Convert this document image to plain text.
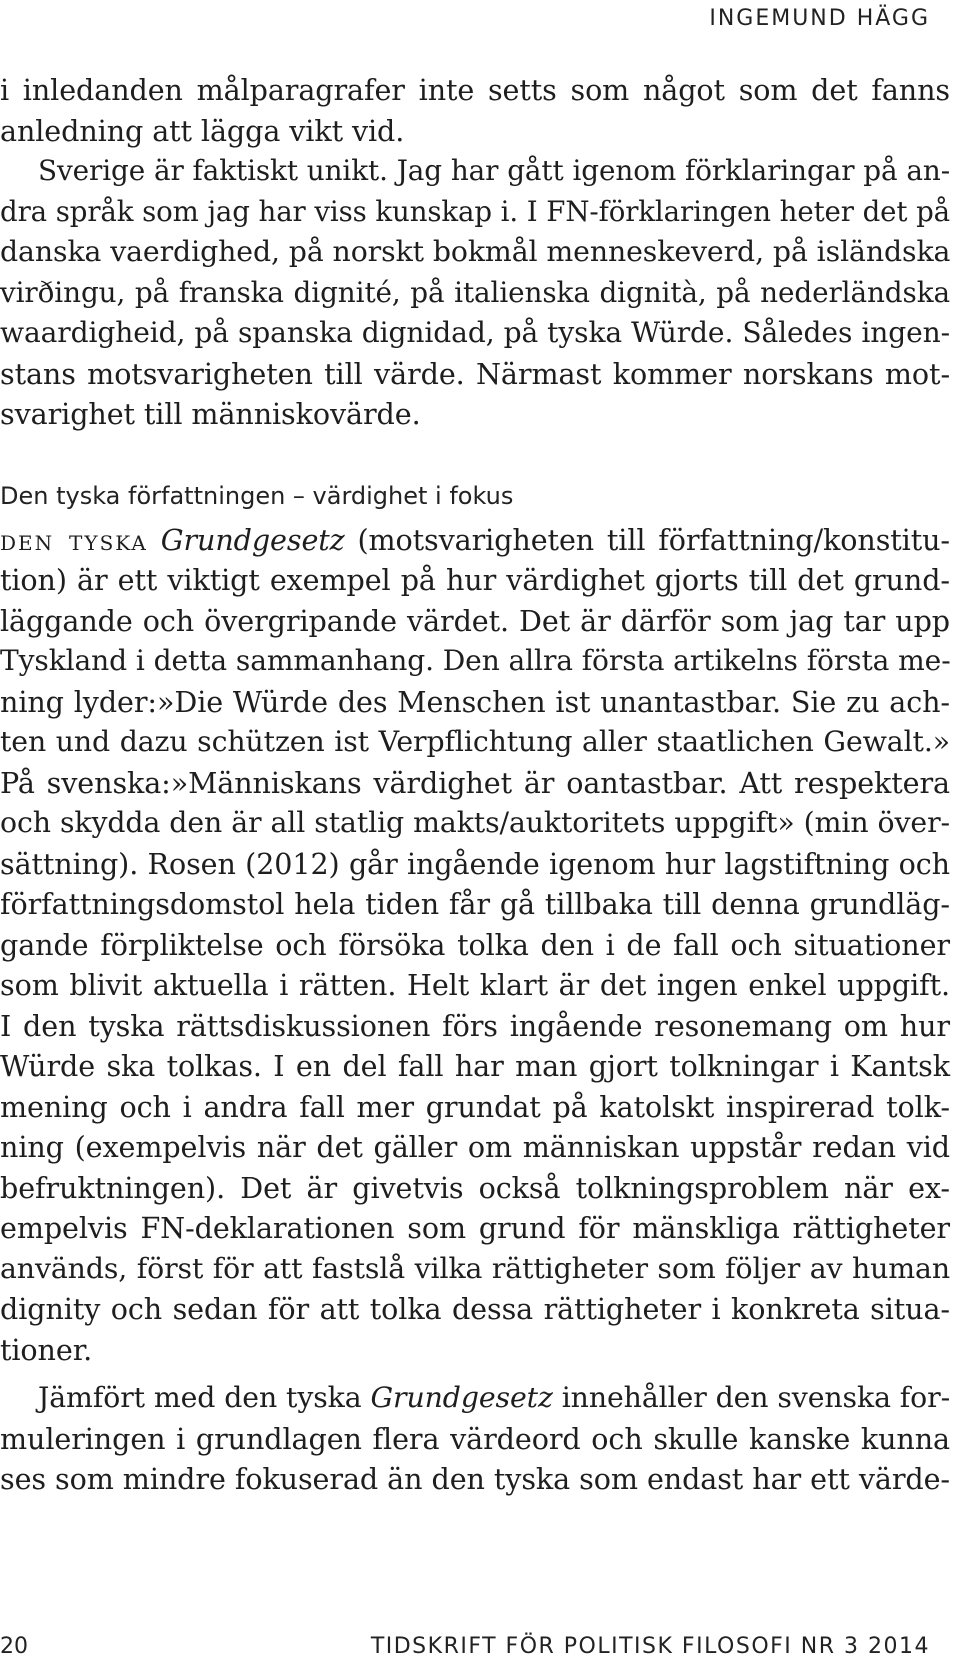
INGEMUND HÄGG
i inledanden målparagrafer inte setts som något som det fanns
anledning att lägga vikt vid.
Sverige är faktiskt unikt. Jag har gått igenom förklaringar på an-
dra språk som jag har viss kunskap i. I FN-förklaringen heter det på
danska vaerdighed, på norskt bokmål menneskeverd, på isländska
virðingu, på franska dignité, på italienska dignità, på nederländska
waardigheid, på spanska dignidad, på tyska Würde. Således ingen-
stans motsvarigheten till värde. Närmast kommer norskans mot-
svarighet till människovärde.
Den tyska författningen – värdighet i fokus
den tyska Grundgesetz (motsvarigheten till författning/konstitu-
tion) är ett viktigt exempel på hur värdighet gjorts till det grund-
läggande och övergripande värdet. Det är därför som jag tar upp
Tyskland i detta sammanhang. Den allra första artikelns första me-
ning lyder:»Die Würde des Menschen ist unantastbar. Sie zu ach-
ten und dazu schützen ist Verpflichtung aller staatlichen Gewalt.»
På svenska:»Människans värdighet är oantastbar. Att respektera
och skydda den är all statlig makts/auktoritets uppgift» (min över-
sättning). Rosen (2012) går ingående igenom hur lagstiftning och
författningsdomstol hela tiden får gå tillbaka till denna grundläg-
gande förpliktelse och försöka tolka den i de fall och situationer
som blivit aktuella i rätten. Helt klart är det ingen enkel uppgift.
I den tyska rättsdiskussionen förs ingående resonemang om hur
Würde ska tolkas. I en del fall har man gjort tolkningar i Kantsk
mening och i andra fall mer grundat på katolskt inspirerad tolk-
ning (exempelvis när det gäller om människan uppstår redan vid
befruktningen). Det är givetvis också tolkningsproblem när ex-
empelvis FN-deklarationen som grund för mänskliga rättigheter
används, först för att fastslå vilka rättigheter som följer av human
dignity och sedan för att tolka dessa rättigheter i konkreta situa-
tioner.
Jämfört med den tyska Grundgesetz innehåller den svenska for-
muleringen i grundlagen flera värdeord och skulle kanske kunna
ses som mindre fokuserad än den tyska som endast har ett värde-
20	TIDSKRIFT FÖR POLITISK FILOSOFI NR 3 2014
